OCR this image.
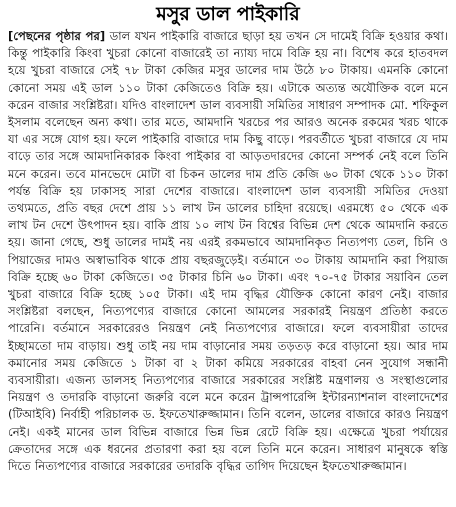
মসুর ডাল পাইকারি

[পেছনের পৃষ্ঠার পর] ডাল যখন পাইকারি বাজারে ছাড়া হয় তখন সে দামেই বিক্রি হওয়ার কথা। কিন্তু পাইকারি কিংবা খুচরা কোনো বাজারেই তা ন্যায্য দামে বিক্রি হয় না। বিশেষ করে হাতবদল হয়ে খুচরা বাজারে সেই ৭৮ টাকা কেজির মসুর ডালের দাম উঠে ৮০ টাকায়। এমনকি কোনো কোনো সময় এই ডাল ১১০ টাকা কেজিতেও বিক্রি হয়। এটাকে অত্যন্ত অযৌক্তিক বলে মনে করেন বাজার সংশ্লিষ্টরা। যদিও বাংলাদেশ ডাল ব্যবসায়ী সমিতির সাধারণ সম্পাদক মো. শফিকুল ইসলাম বলেছেন অন্য কথা। তার মতে, আমদানি খরচের পর আরও অনেক রকমের খরচ থাকে যা এর সঙ্গে যোগ হয়। ফলে পাইকারি বাজারে দাম কিছু বাড়ে। পরবর্তীতে খুচরা বাজারে যে দাম বাড়ে তার সঙ্গে আমদানিকারক কিংবা পাইকার বা আড়তদারদের কোনো সম্পর্ক নেই বলে তিনি মনে করেন। তবে মানভেদে মোটা বা চিকন ডালের দাম প্রতি কেজি ৬০ টাকা থেকে ১১০ টাকা পর্যন্ত বিক্রি হয় ঢাকাসহ সারা দেশের বাজারে। বাংলাদেশ ডাল ব্যবসায়ী সমিতির দেওয়া তথ্যমতে, প্রতি বছর দেশে প্রায় ১১ লাখ টন ডালের চাহিদা রয়েছে। এরমধ্যে ৫০ থেকে এক লাখ টন দেশে উৎপাদন হয়। বাকি প্রায় ১০ লাখ টন বিশ্বের বিভিন্ন দেশ থেকে আমদানি করতে হয়। জানা গেছে, শুধু ডালের দামই নয় এরই রকমভাবে আমদানিকৃত নিত্যপণ্য তেল, চিনি ও পিয়াজের দামও অস্বাভাবিক থাকে প্রায় বছরজুড়েই। বর্তমানে ৩০ টাকায় আমদানি করা পিয়াজ বিক্রি হচ্ছে ৬০ টাকা কেজিতে। ৩৫ টাকার চিনি ৬০ টাকা। এবং ৭০-৭৫ টাকার সয়াবিন তেল খুচরা বাজারে বিক্রি হচ্ছে ১০৫ টাকা। এই দাম বৃদ্ধির যৌক্তিক কোনো কারণ নেই। বাজার সংশ্লিষ্টরা বলছেন, নিত্যপণ্যের বাজারে কোনো আমলের সরকারই নিয়ন্ত্রণ প্রতিষ্ঠা করতে পারেনি। বর্তমানে সরকারেরও নিয়ন্ত্রণ নেই নিত্যপণ্যের বাজারে। ফলে ব্যবসায়ীরা তাদের ইচ্ছামতো দাম বাড়ায়। শুধু তাই নয় দাম বাড়ানোর সময় তড়তড় করে বাড়ানো হয়। আর দাম কমানোর সময় কেজিতে ১ টাকা বা ২ টাকা কমিয়ে সরকারের বাহবা নেন সুযোগ সন্ধানী ব্যবসায়ীরা। এজন্য ডালসহ নিত্যপণ্যের বাজারে সরকারের সংশ্লিষ্ট মন্ত্রণালয় ও সংস্থাগুলোর নিয়ন্ত্রণ ও তদারকি বাড়ানো জরুরি বলে মনে করেন ট্রান্সপারেন্সি ইন্টারন্যাশনাল বাংলাদেশের (টিআইবি) নির্বাহী পরিচালক ড. ইফতেখারুজ্জামান। তিনি বলেন, ডালের বাজারে কারও নিয়ন্ত্রণ নেই। একই মানের ডাল বিভিন্ন বাজারে ভিন্ন ভিন্ন রেটে বিক্রি হয়। এক্ষেত্রে খুচরা পর্যায়ের ক্রেতাদের সঙ্গে এক ধরনের প্রতারণা করা হয় বলে তিনি মনে করেন। সাধারণ মানুষকে স্বস্তি দিতে নিত্যপণ্যের বাজারে সরকারের তদারকি বৃদ্ধির তাগিদ দিয়েছেন ইফতেখারুজ্জামান।
